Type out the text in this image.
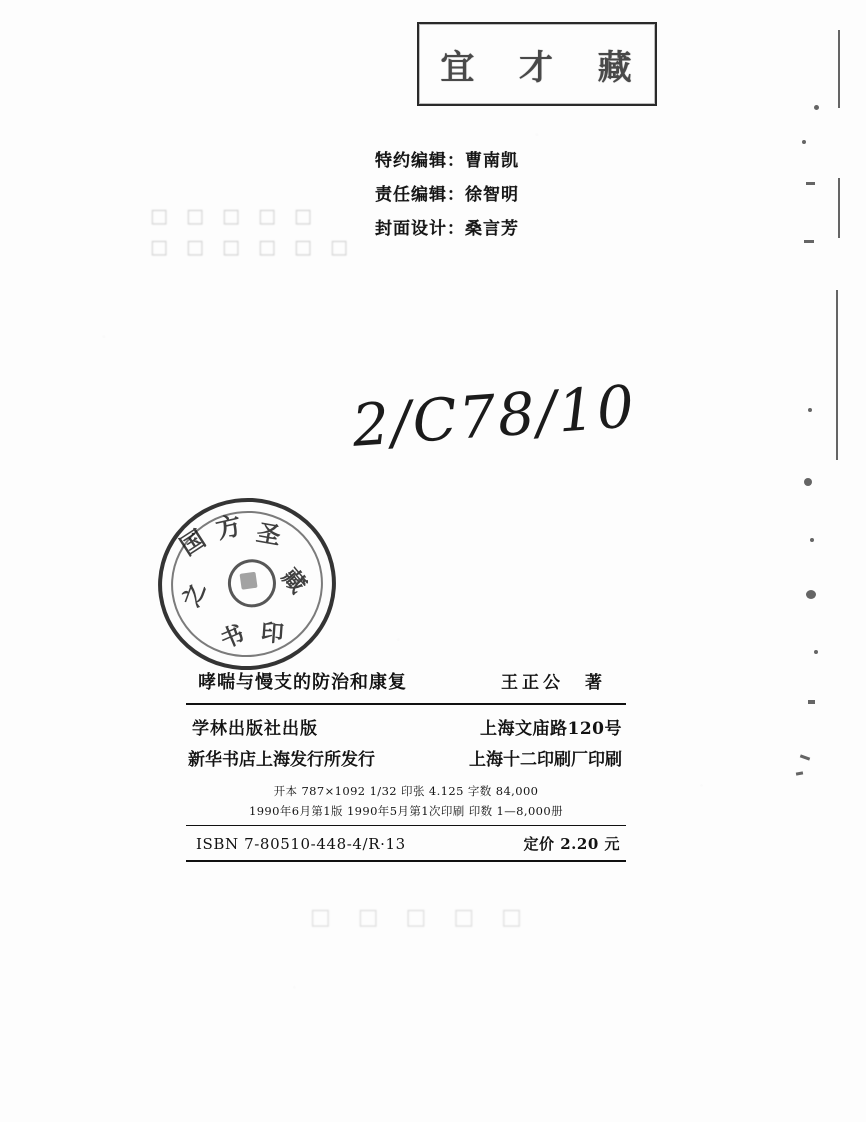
宜 才 藏
□ □ □ □ □
□ □ □ □ □ □

特约编辑：曹南凯

责任编辑：徐智明

封面设计：桑言芳

2/C78/10
国 方 圣
之	藏
书 印
哮喘与慢支的防治和康复	王正公　著
学林出版社出版	上海文庙路120号
新华书店上海发行所发行	上海十二印刷厂印刷
开本 787×1092 1/32 印张 4.125 字数 84,000
1990年6月第1版 1990年5月第1次印刷 印数 1—8,000册
ISBN 7-80510-448-4/R·13	定价 2.20 元
□ □ □ □ □
